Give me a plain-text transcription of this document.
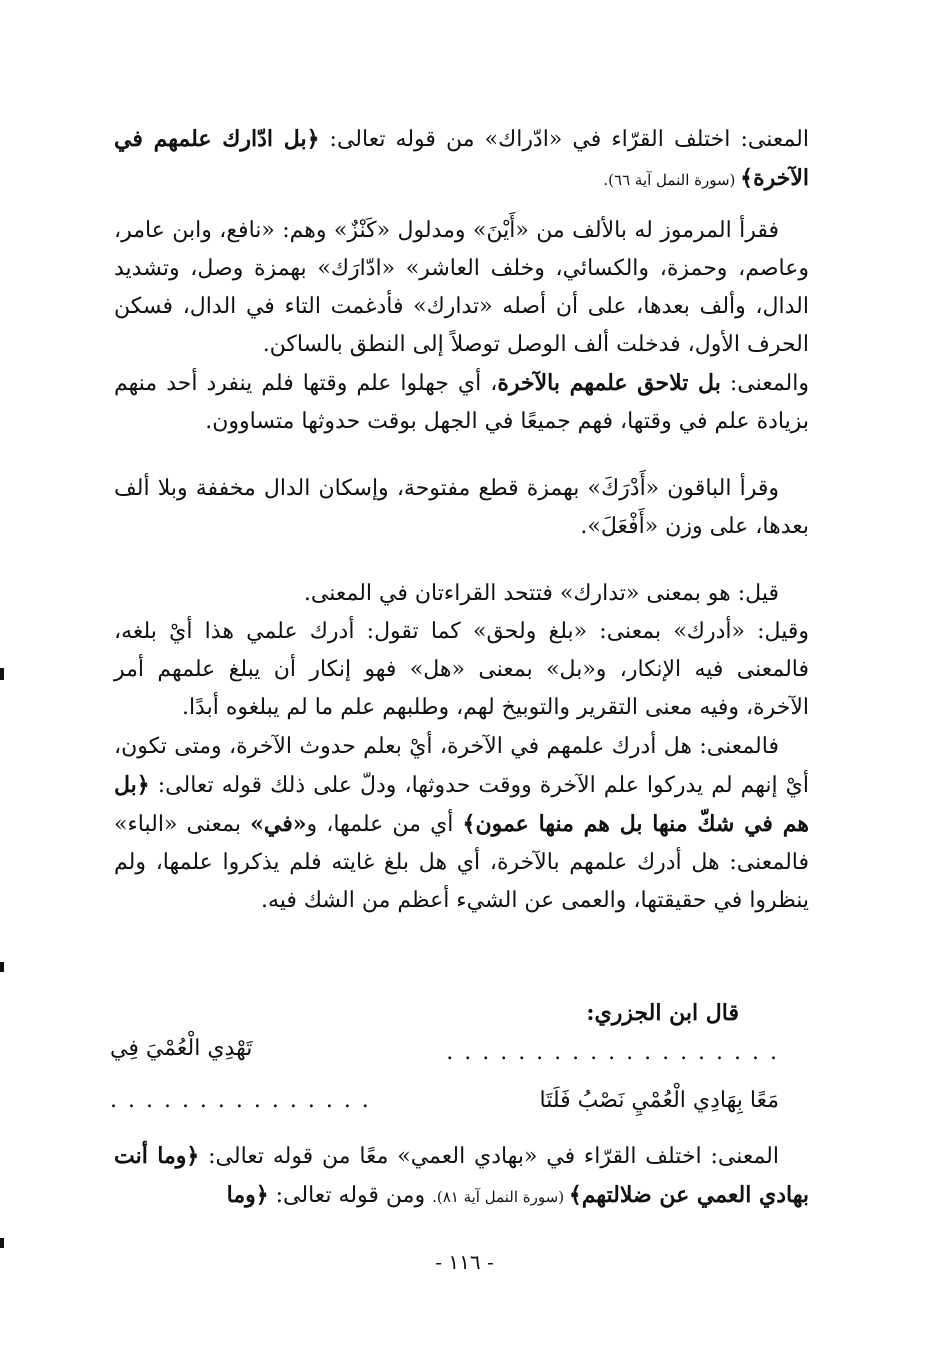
المعنى: اختلف القرّاء في «ادّراك» من قوله تعالى: ﴿بل ادّارك علمهم في الآخرة﴾ (سورة النمل آية ٦٦).

فقرأ المرموز له بالألف من «أَيْنَ» ومدلول «كَنْزٌ» وهم: «نافع، وابن عامر، وعاصم، وحمزة، والكسائي، وخلف العاشر» «ادّارَك» بهمزة وصل، وتشديد الدال، وألف بعدها، على أن أصله «تدارك» فأدغمت التاء في الدال، فسكن الحرف الأول، فدخلت ألف الوصل توصلاً إلى النطق بالساكن.

والمعنى: بل تلاحق علمهم بالآخرة، أي جهلوا علم وقتها فلم ينفرد أحد منهم بزيادة علم في وقتها، فهم جميعًا في الجهل بوقت حدوثها متساوون.

وقرأ الباقون «أَدْرَكَ» بهمزة قطع مفتوحة، وإسكان الدال مخففة وبلا ألف بعدها، على وزن «أَفْعَلَ».

قيل: هو بمعنى «تدارك» فتتحد القراءتان في المعنى.

وقيل: «أدرك» بمعنى: «بلغ ولحق» كما تقول: أدرك علمي هذا أيْ بلغه، فالمعنى فيه الإنكار، و«بل» بمعنى «هل» فهو إنكار أن يبلغ علمهم أمر الآخرة، وفيه معنى التقرير والتوبيخ لهم، وطلبهم علم ما لم يبلغوه أبدًا.

فالمعنى: هل أدرك علمهم في الآخرة، أيْ بعلم حدوث الآخرة، ومتى تكون، أيْ إنهم لم يدركوا علم الآخرة ووقت حدوثها، ودلّ على ذلك قوله تعالى: ﴿بل هم في شكّ منها بل هم منها عمون﴾ أي من علمها، و«في» بمعنى «الباء» فالمعنى: هل أدرك علمهم بالآخرة، أي هل بلغ غايته فلم يذكروا علمها، ولم ينظروا في حقيقتها، والعمى عن الشيء أعظم من الشك فيه.

قال ابن الجزري:
. . . . . . . . . . . . . . . . . . .
تَهْدِي الْعُمْيَ فِي
مَعًا بِهَادِي الْعُمْيِ نَصْبُ فَلَتَا
. . . . . . . . . . . . . . .

المعنى: اختلف القرّاء في «بهادي العمي» معًا من قوله تعالى: ﴿وما أنت بهادي العمي عن ضلالتهم﴾ (سورة النمل آية ٨١). ومن قوله تعالى: ﴿وما

- ١١٦ -
